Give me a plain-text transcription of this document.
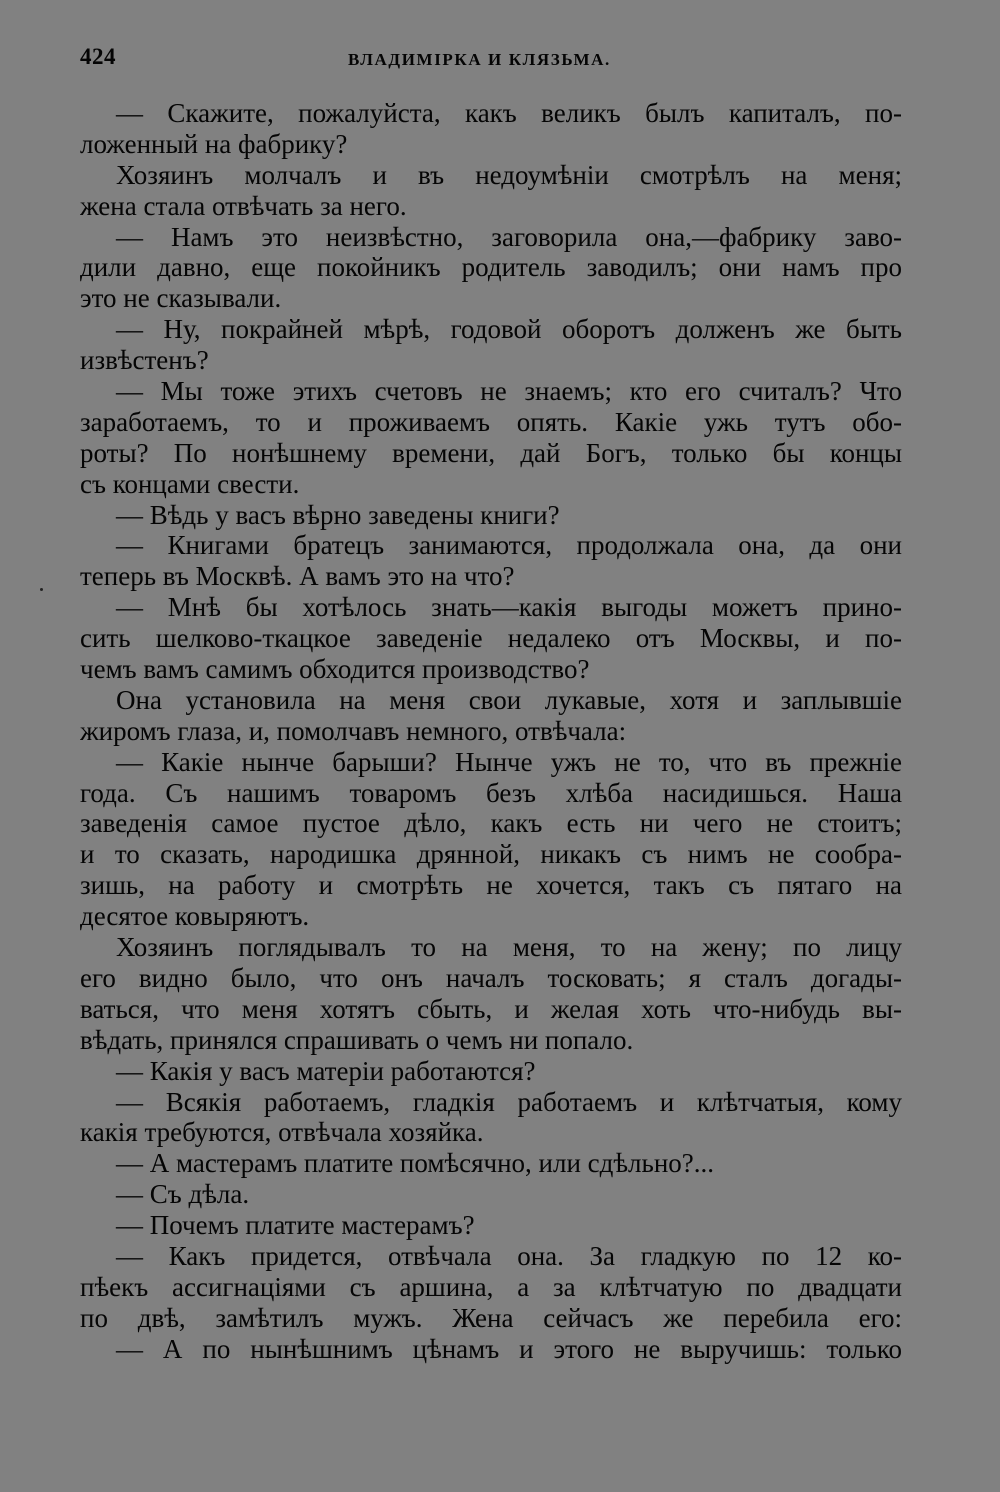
424	ВЛАДИМІРКА И КЛЯЗЬМА.
— Скажите, пожалуйста, какъ великъ былъ капиталъ, по-
ложенный на фабрику?
Хозяинъ молчалъ и въ недоумѣніи смотрѣлъ на меня;
жена стала отвѣчать за него.
— Намъ это неизвѣстно, заговорила она,—фабрику заво-
дили давно, еще покойникъ родитель заводилъ; они намъ про
это не сказывали.
— Ну, покрайней мѣрѣ, годовой оборотъ долженъ же быть
извѣстенъ?
— Мы тоже этихъ счетовъ не знаемъ; кто его считалъ? Что
заработаемъ, то и проживаемъ опять. Какіе ужь тутъ обо-
роты? По нонѣшнему времени, дай Богъ, только бы концы
съ концами свести.
— Вѣдь у васъ вѣрно заведены книги?
— Книгами братецъ занимаются, продолжала она, да они
теперь въ Москвѣ. А вамъ это на что?
— Мнѣ бы хотѣлось знать—какія выгоды можетъ прино-
сить шелково-ткацкое заведеніе недалеко отъ Москвы, и по-
чемъ вамъ самимъ обходится производство?
Она установила на меня свои лукавые, хотя и заплывшіе
жиромъ глаза, и, помолчавъ немного, отвѣчала:
— Какіе нынче барыши? Нынче ужъ не то, что въ прежніе
года. Съ нашимъ товаромъ безъ хлѣба насидишься. Наша
заведенія самое пустое дѣло, какъ есть ни чего не стоитъ;
и то сказать, народишка дрянной, никакъ съ нимъ не сообра-
зишь, на работу и смотрѣть не хочется, такъ съ пятаго на
десятое ковыряютъ.
Хозяинъ поглядывалъ то на меня, то на жену; по лицу
его видно было, что онъ началъ тосковать; я сталъ догады-
ваться, что меня хотятъ сбыть, и желая хоть что-нибудь вы-
вѣдать, принялся спрашивать о чемъ ни попало.
— Какія у васъ матеріи работаются?
— Всякія работаемъ, гладкія работаемъ и клѣтчатыя, кому
какія требуются, отвѣчала хозяйка.
— А мастерамъ платите помѣсячно, или сдѣльно?...
— Съ дѣла.
— Почемъ платите мастерамъ?
— Какъ придется, отвѣчала она. За гладкую по 12 ко-
пѣекъ ассигнаціями съ аршина, а за клѣтчатую по двадцати
по двѣ, замѣтилъ мужъ. Жена сейчасъ же перебила его:
— А по нынѣшнимъ цѣнамъ и этого не выручишь: только
